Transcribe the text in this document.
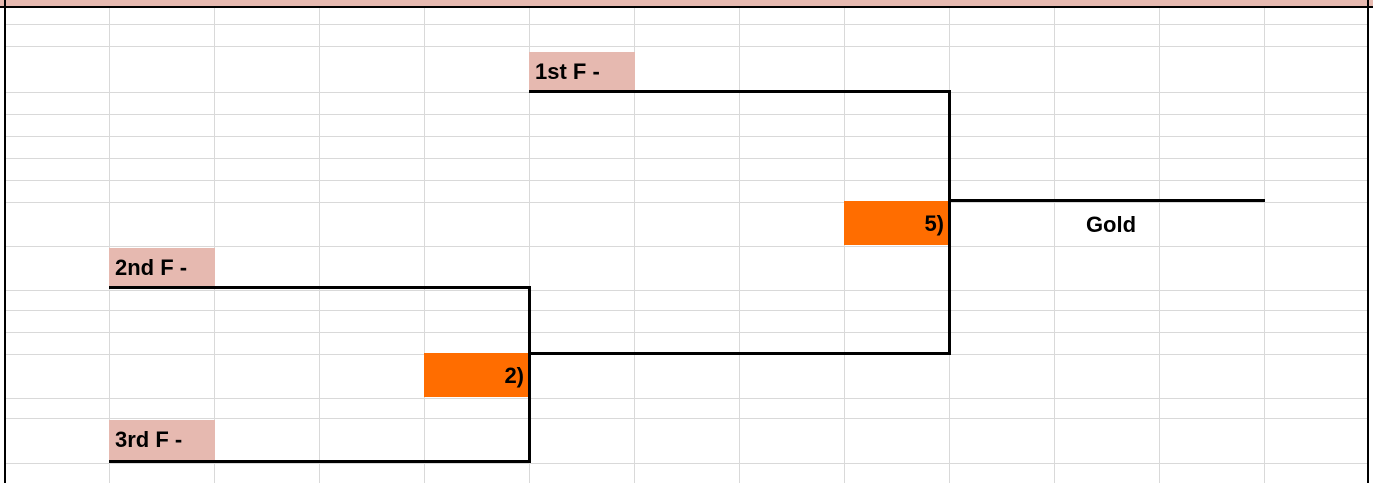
1st F -
2nd F -
3rd F -
2)
5)	Gold
